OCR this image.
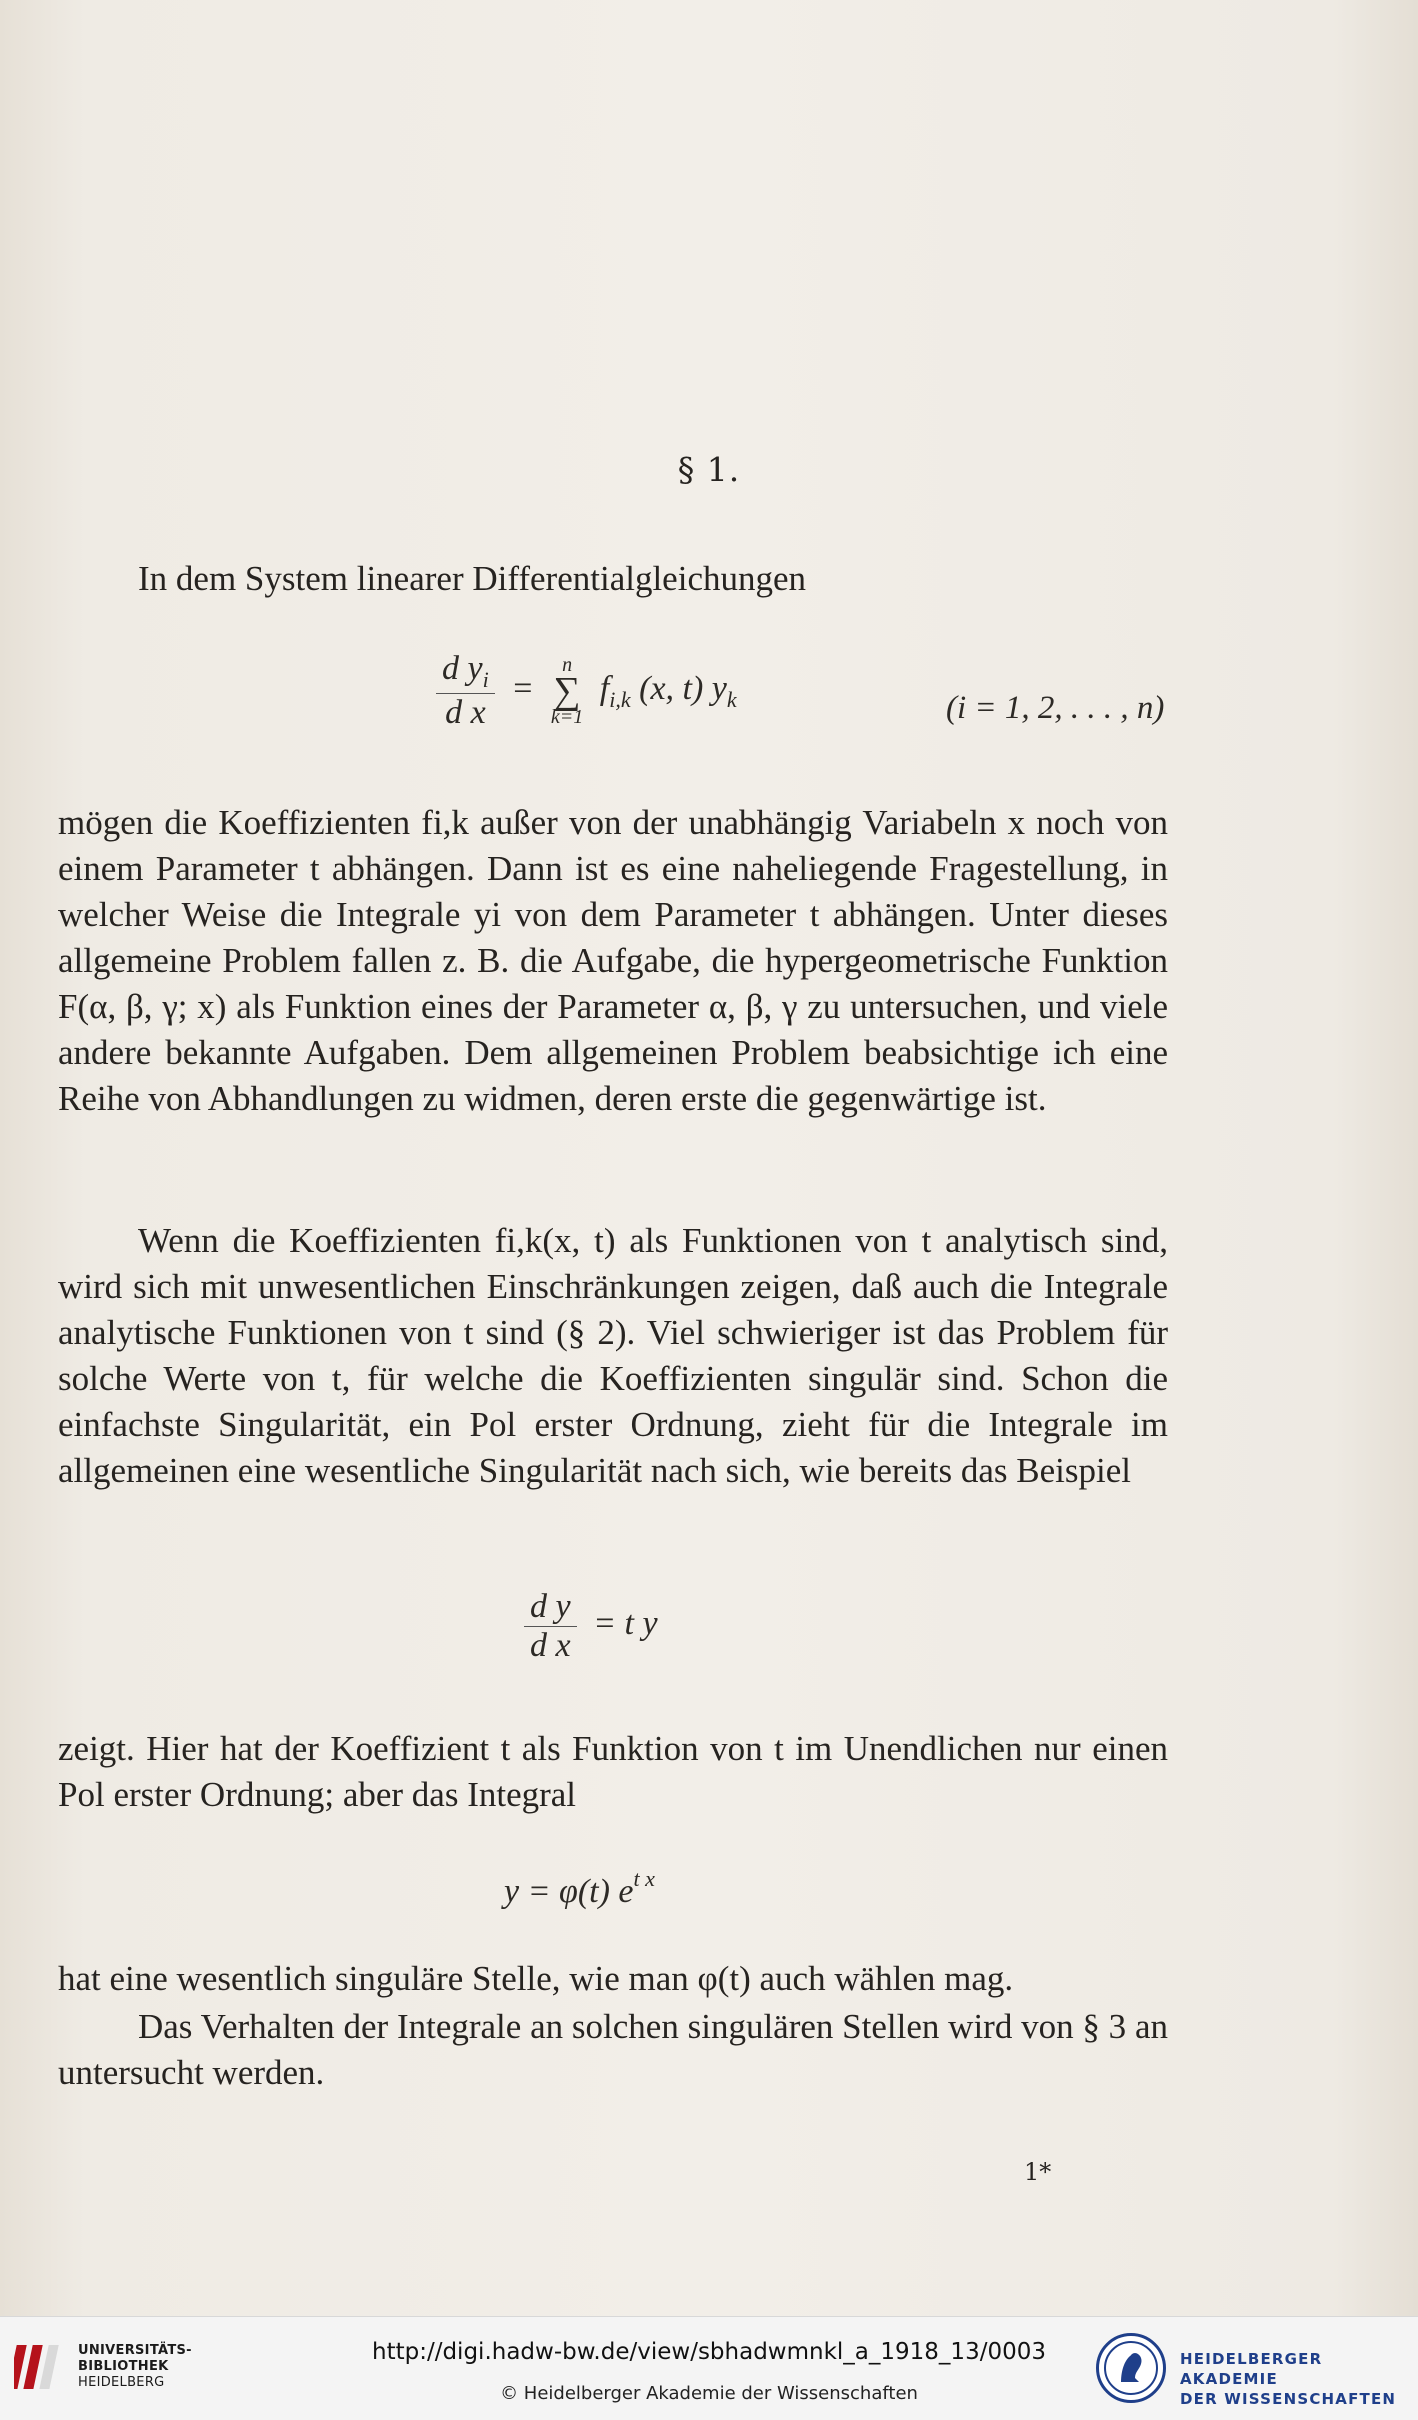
§ 1.
In dem System linearer Differentialgleichungen
$\frac{d y_i}{\text{d x}}$ =
n
∑
k=1
$f_{i,k}$ (x, t) $y_k$	(i = 1, 2, . . . , n)
mögen die Koeffizienten fi,k außer von der unabhängig Variabeln x noch von einem Parameter t abhängen. Dann ist es eine naheliegende Fragestellung, in welcher Weise die Integrale yi von dem Parameter t abhängen. Unter dieses allgemeine Problem fallen z. B. die Aufgabe, die hypergeometrische Funktion F(α, β, γ; x) als Funktion eines der Parameter α, β, γ zu untersuchen, und viele andere bekannte Aufgaben. Dem allgemeinen Problem beabsichtige ich eine Reihe von Abhandlungen zu widmen, deren erste die gegenwärtige ist.
Wenn die Koeffizienten fi,k(x, t) als Funktionen von t analytisch sind, wird sich mit unwesentlichen Einschränkungen zeigen, daß auch die Integrale analytische Funktionen von t sind (§ 2). Viel schwieriger ist das Problem für solche Werte von t, für welche die Koeffizienten singulär sind. Schon die einfachste Singularität, ein Pol erster Ordnung, zieht für die Integrale im allgemeinen eine wesentliche Singularität nach sich, wie bereits das Beispiel
$\frac{\text{d y}}{\text{d x}} = t$ y
zeigt. Hier hat der Koeffizient t als Funktion von t im Unendlichen nur einen Pol erster Ordnung; aber das Integral
y = φ(t) $e^{t x}$
hat eine wesentlich singuläre Stelle, wie man φ(t) auch wählen mag.
Das Verhalten der Integrale an solchen singulären Stellen wird von § 3 an untersucht werden.
1*
UNIVERSITÄTS-
BIBLIOTHEK
HEIDELBERG
http://digi.hadw-bw.de/view/sbhadwmnkl_a_1918_13/0003
© Heidelberger Akademie der Wissenschaften
HEIDELBERGER AKADEMIE
DER WISSENSCHAFTEN
